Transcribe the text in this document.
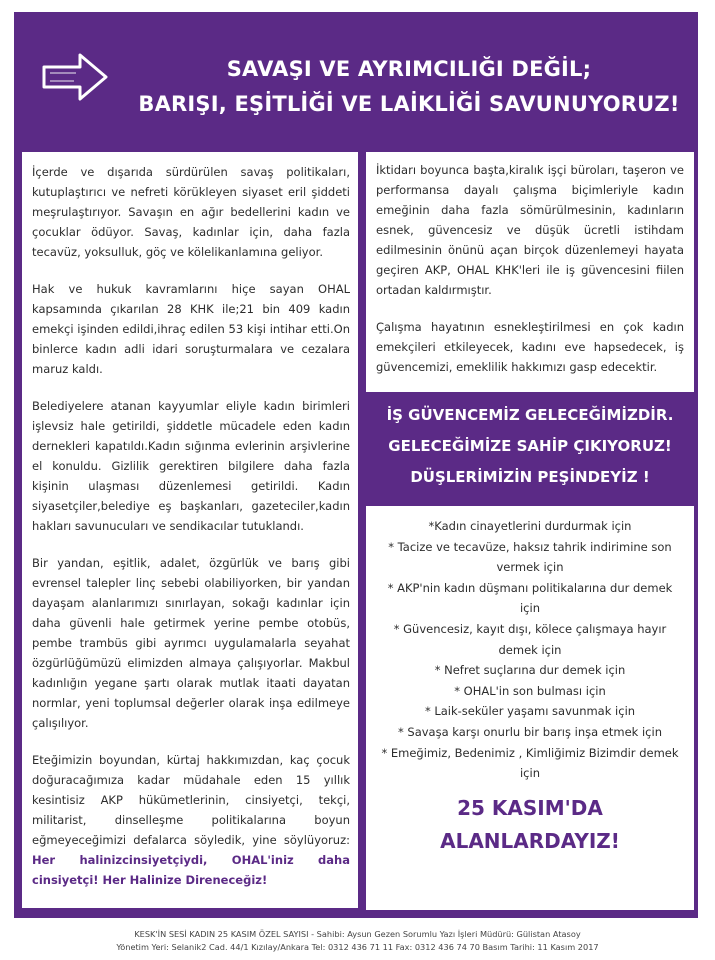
SAVAŞI VE AYRIMCILIĞI DEĞİL;
BARIŞI, EŞİTLİĞİ VE LAİKLİĞİ SAVUNUYORUZ!

İçerde ve dışarıda sürdürülen savaş politikaları, kutuplaştırıcı ve nefreti körükleyen siyaset eril şiddeti meşrulaştırıyor. Savaşın en ağır bedellerini kadın ve çocuklar ödüyor. Savaş, kadınlar için, daha fazla tecavüz, yoksulluk, göç ve kölelikanlamına geliyor.

Hak ve hukuk kavramlarını hiçe sayan OHAL kapsamında çıkarılan 28 KHK ile;21 bin 409 kadın emekçi işinden edildi,ihraç edilen 53 kişi intihar etti.On binlerce kadın adli idari soruşturmalara ve cezalara maruz kaldı.

Belediyelere atanan kayyumlar eliyle kadın birimleri işlevsiz hale getirildi, şiddetle mücadele eden kadın dernekleri kapatıldı.Kadın sığınma evlerinin arşivlerine el konuldu. Gizlilik gerektiren bilgilere daha fazla kişinin ulaşması düzenlemesi getirildi. Kadın siyasetçiler,belediye eş başkanları, gazeteciler,kadın hakları savunucuları ve sendikacılar tutuklandı.

Bir yandan, eşitlik, adalet, özgürlük ve barış gibi evrensel talepler linç sebebi olabiliyorken, bir yandan dayaşam alanlarımızı sınırlayan, sokağı kadınlar için daha güvenli hale getirmek yerine pembe otobüs, pembe trambüs gibi ayrımcı uygulamalarla seyahat özgürlüğümüzü elimizden almaya çalışıyorlar. Makbul kadınlığın yegane şartı olarak mutlak itaati dayatan normlar, yeni toplumsal değerler olarak inşa edilmeye çalışılıyor.

Eteğimizin boyundan, kürtaj hakkımızdan, kaç çocuk doğuracağımıza kadar müdahale eden 15 yıllık kesintisiz AKP hükümetlerinin, cinsiyetçi, tekçi, militarist, dinselleşme politikalarına boyun eğmeyeceğimizi defalarca söyledik, yine söylüyoruz: Her halinizcinsiyetçiydi, OHAL'iniz daha cinsiyetçi! Her Halinize Direneceğiz!

İktidarı boyunca başta,kiralık işçi büroları, taşeron ve performansa dayalı çalışma biçimleriyle kadın emeğinin daha fazla sömürülmesinin, kadınların esnek, güvencesiz ve düşük ücretli istihdam edilmesinin önünü açan birçok düzenlemeyi hayata geçiren AKP, OHAL KHK'leri ile iş güvencesini fiilen ortadan kaldırmıştır.

Çalışma hayatının esnekleştirilmesi en çok kadın emekçileri etkileyecek, kadını eve hapsedecek, iş güvencemizi, emeklilik hakkımızı gasp edecektir.

İŞ GÜVENCEMİZ GELECEĞİMİZDİR.
GELECEĞİMİZE SAHİP ÇIKIYORUZ!
DÜŞLERİMİZİN PEŞİNDEYİZ !
*Kadın cinayetlerini durdurmak için
* Tacize ve tecavüze, haksız tahrik indirimine son vermek için
* AKP'nin kadın düşmanı politikalarına dur demek için
* Güvencesiz, kayıt dışı, kölece çalışmaya hayır demek için
* Nefret suçlarına dur demek için
* OHAL'in son bulması için
* Laik-seküler yaşamı savunmak için
* Savaşa karşı onurlu bir barış inşa etmek için
* Emeğimiz, Bedenimiz , Kimliğimiz Bizimdir demek için
25 KASIM'DA
ALANLARDAYIZ!
KESK'İN SESİ KADIN 25 KASIM ÖZEL SAYISI - Sahibi: Aysun Gezen Sorumlu Yazı İşleri Müdürü: Gülistan Atasoy
Yönetim Yeri: Selanik2 Cad. 44/1 Kızılay/Ankara Tel: 0312 436 71 11 Fax: 0312 436 74 70 Basım Tarihi: 11 Kasım 2017
